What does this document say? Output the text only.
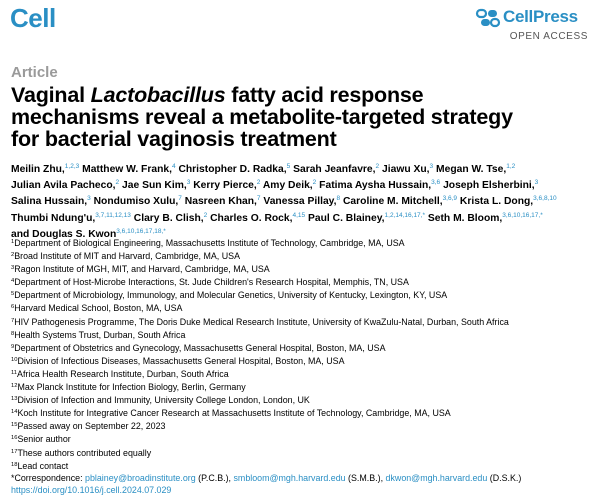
Cell	CellPress
OPEN ACCESS
Article
Vaginal Lactobacillus fatty acid response
mechanisms reveal a metabolite-targeted strategy
for bacterial vaginosis treatment
Meilin Zhu,$^{1,2,3}$ Matthew W. Frank,$^4$ Christopher D. Radka,$^5$ Sarah Jeanfavre,$^2$ Jiawu Xu,$^3$ Megan W. Tse,$^{1,2}$
Julian Avila Pacheco,$^2$ Jae Sun Kim,$^3$ Kerry Pierce,$^2$ Amy Deik,$^2$ Fatima Aysha Hussain,$^{3,6}$ Joseph Elsherbini,$^3$
Salina Hussain,$^3$ Nondumiso Xulu,$^7$ Nasreen Khan,$^7$ Vanessa Pillay,$^8$ Caroline M. Mitchell,$^{3,6,9}$ Krista L. Dong,$^{3,6,8,10}$
Thumbi Ndung'u,$^{3,7,11,12,13}$ Clary B. Clish,$^2$ Charles O. Rock,$^{4,15}$ Paul C. Blainey,$^{1,2,14,16,17,*}$ Seth M. Bloom,$^{3,6,10,16,17,*}$
and Douglas S. Kwon$^{3,6,10,16,17,18,*}$
$^1$Department of Biological Engineering, Massachusetts Institute of Technology, Cambridge, MA, USA
$^2$Broad Institute of MIT and Harvard, Cambridge, MA, USA
$^3$Ragon Institute of MGH, MIT, and Harvard, Cambridge, MA, USA
$^4$Department of Host-Microbe Interactions, St. Jude Children's Research Hospital, Memphis, TN, USA
$^5$Department of Microbiology, Immunology, and Molecular Genetics, University of Kentucky, Lexington, KY, USA
$^6$Harvard Medical School, Boston, MA, USA
$^7$HIV Pathogenesis Programme, The Doris Duke Medical Research Institute, University of KwaZulu-Natal, Durban, South Africa
$^8$Health Systems Trust, Durban, South Africa
$^9$Department of Obstetrics and Gynecology, Massachusetts General Hospital, Boston, MA, USA
$^{10}$Division of Infectious Diseases, Massachusetts General Hospital, Boston, MA, USA
$^{11}$Africa Health Research Institute, Durban, South Africa
$^{12}$Max Planck Institute for Infection Biology, Berlin, Germany
$^{13}$Division of Infection and Immunity, University College London, London, UK
$^{14}$Koch Institute for Integrative Cancer Research at Massachusetts Institute of Technology, Cambridge, MA, USA
$^{15}$Passed away on September 22, 2023
$^{16}$Senior author
$^{17}$These authors contributed equally
$^{18}$Lead contact
*Correspondence: pblainey@broadinstitute.org (P.C.B.), smbloom@mgh.harvard.edu (S.M.B.), dkwon@mgh.harvard.edu (D.S.K.)
https://doi.org/10.1016/j.cell.2024.07.029
